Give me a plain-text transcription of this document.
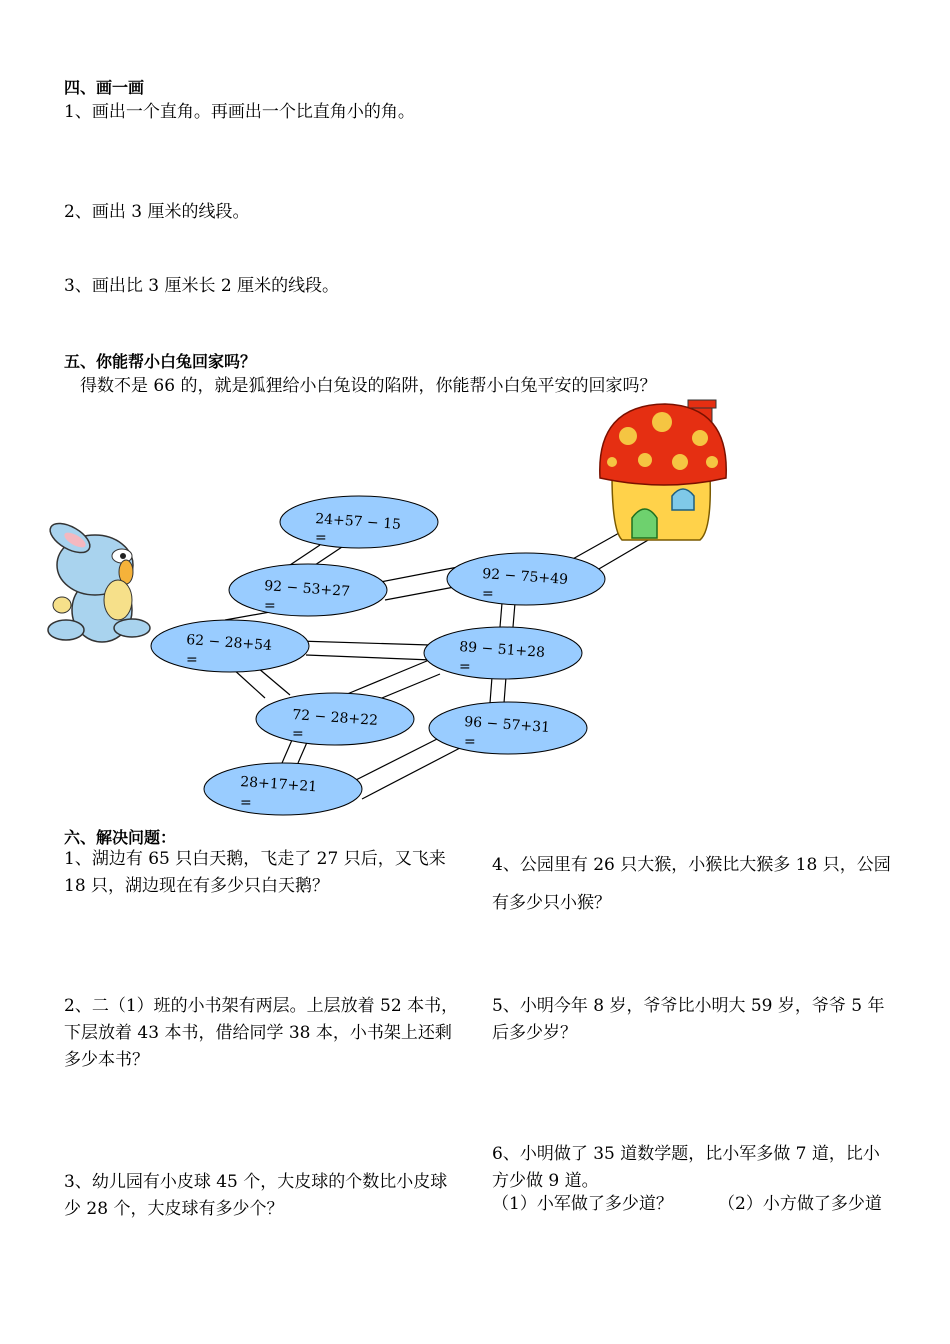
四、画一画
1、画出一个直角。再画出一个比直角小的角。
2、画出 3 厘米的线段。
3、画出比 3 厘米长 2 厘米的线段。
五、你能帮小白兔回家吗？
得数不是 66 的，就是狐狸给小白兔设的陷阱，你能帮小白兔平安的回家吗？
24+57 − 15
=
92 − 53+27
=
62 − 28+54
=
72 − 28+22
=
28+17+21
=
92 − 75+49
=
89 − 51+28
=
96 − 57+31
=
六、解决问题：
1、湖边有 65 只白天鹅，飞走了 27 只后，又飞来 18 只，湖边现在有多少只白天鹅？
2、二（1）班的小书架有两层。上层放着 52 本书，下层放着 43 本书，借给同学 38 本，小书架上还剩多少本书？
3、幼儿园有小皮球 45 个，大皮球的个数比小皮球少 28 个，大皮球有多少个？
4、公园里有 26 只大猴，小猴比大猴多 18 只，公园有多少只小猴？
5、小明今年 8 岁，爷爷比小明大 59 岁，爷爷 5 年后多少岁？
6、小明做了 35 道数学题，比小军多做 7 道，比小方少做 9 道。
（1）小军做了多少道？	（2）小方做了多少道
